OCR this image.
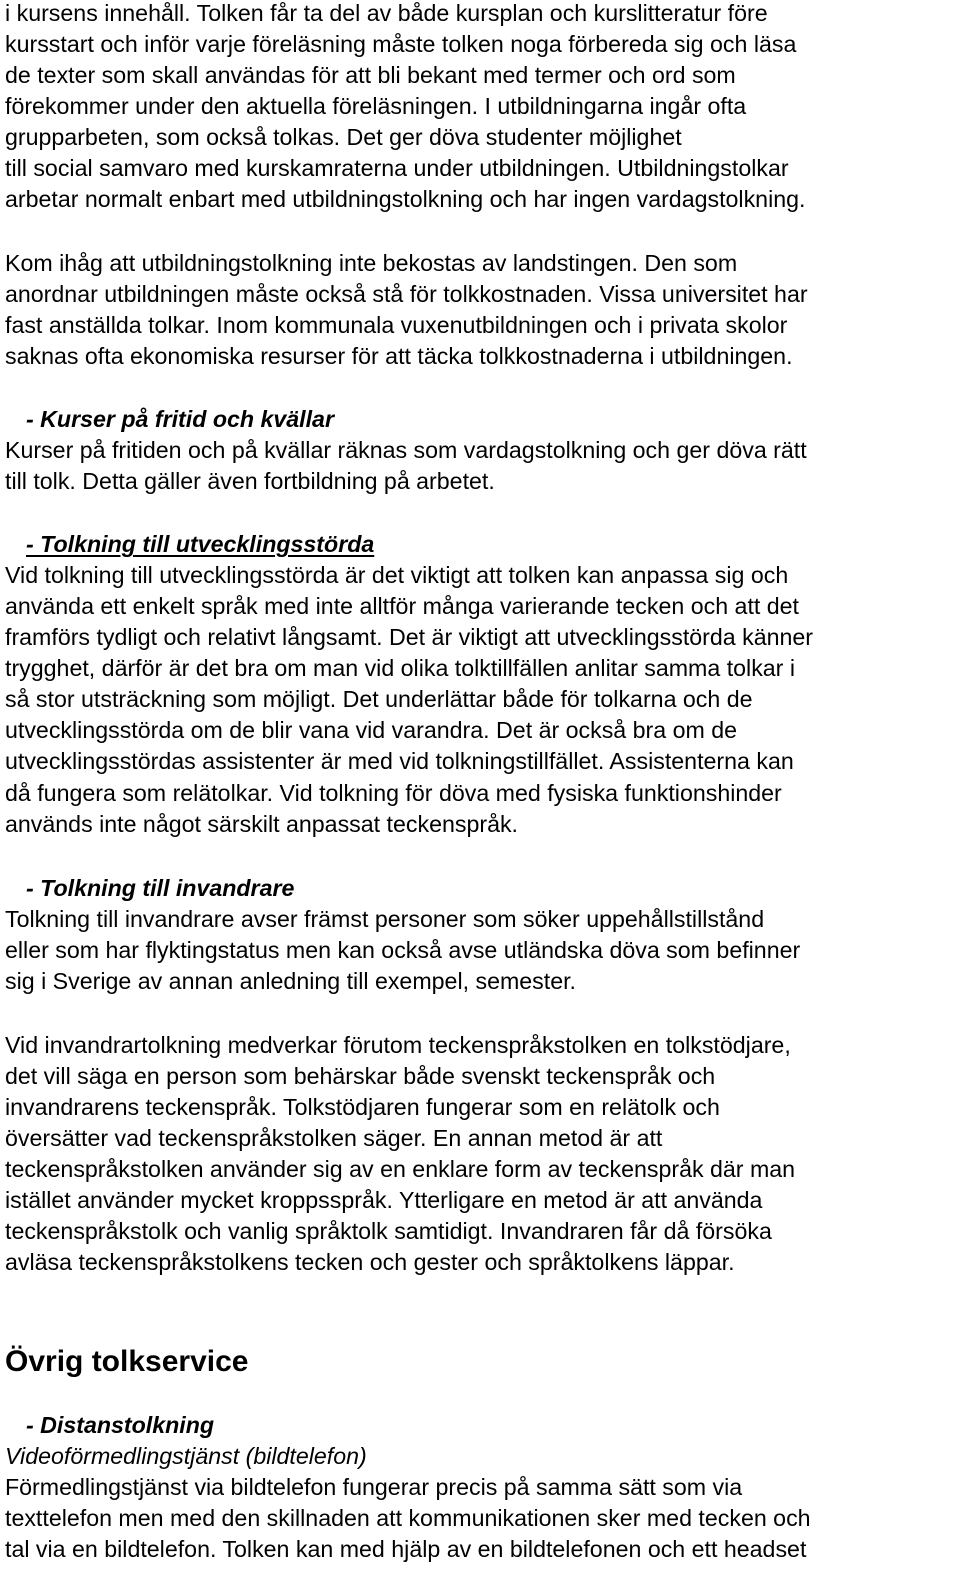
i kursens innehåll. Tolken får ta del av både kursplan och kurslitteratur före
kursstart och inför varje föreläsning måste tolken noga förbereda sig och läsa
de texter som skall användas för att bli bekant med termer och ord som
förekommer under den aktuella föreläsningen. I utbildningarna ingår ofta
grupparbeten, som också tolkas. Det ger döva studenter möjlighet
till social samvaro med kurskamraterna under utbildningen. Utbildningstolkar
arbetar normalt enbart med utbildningstolkning och har ingen vardagstolkning.
Kom ihåg att utbildningstolkning inte bekostas av landstingen. Den som
anordnar utbildningen måste också stå för tolkkostnaden. Vissa universitet har
fast anställda tolkar. Inom kommunala vuxenutbildningen och i privata skolor
saknas ofta ekonomiska resurser för att täcka tolkkostnaderna i utbildningen.
- Kurser på fritid och kvällar
Kurser på fritiden och på kvällar räknas som vardagstolkning och ger döva rätt
till tolk. Detta gäller även fortbildning på arbetet.
- Tolkning till utvecklingsstörda
Vid tolkning till utvecklingsstörda är det viktigt att tolken kan anpassa sig och
använda ett enkelt språk med inte alltför många varierande tecken och att det
framförs tydligt och relativt långsamt. Det är viktigt att utvecklingsstörda känner
trygghet, därför är det bra om man vid olika tolktillfällen anlitar samma tolkar i
så stor utsträckning som möjligt. Det underlättar både för tolkarna och de
utvecklingsstörda om de blir vana vid varandra. Det är också bra om de
utvecklingsstördas assistenter är med vid tolkningstillfället. Assistenterna kan
då fungera som relätolkar. Vid tolkning för döva med fysiska funktionshinder
används inte något särskilt anpassat teckenspråk.
- Tolkning till invandrare
Tolkning till invandrare avser främst personer som söker uppehållstillstånd
eller som har flyktingstatus men kan också avse utländska döva som befinner
sig i Sverige av annan anledning till exempel, semester.
Vid invandrartolkning medverkar förutom teckenspråkstolken en tolkstödjare,
det vill säga en person som behärskar både svenskt teckenspråk och
invandrarens teckenspråk. Tolkstödjaren fungerar som en relätolk och
översätter vad teckenspråkstolken säger. En annan metod är att
teckenspråkstolken använder sig av en enklare form av teckenspråk där man
istället använder mycket kroppsspråk. Ytterligare en metod är att använda
teckenspråkstolk och vanlig språktolk samtidigt. Invandraren får då försöka
avläsa teckenspråkstolkens tecken och gester och språktolkens läppar.
Övrig tolkservice
- Distanstolkning
Videoförmedlingstjänst (bildtelefon)
Förmedlingstjänst via bildtelefon fungerar precis på samma sätt som via
texttelefon men med den skillnaden att kommunikationen sker med tecken och
tal via en bildtelefon. Tolken kan med hjälp av en bildtelefonen och ett headset
